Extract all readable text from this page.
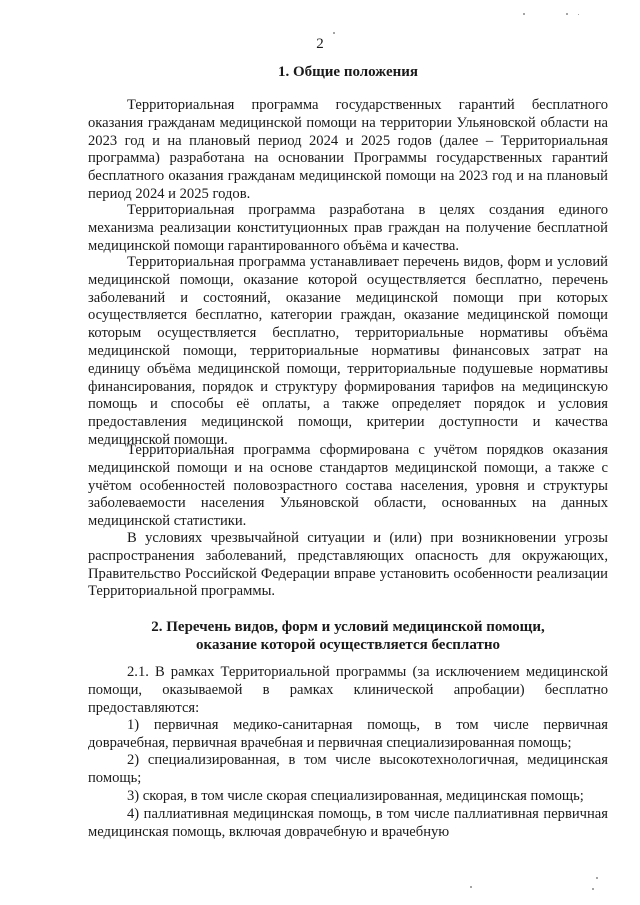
2
1. Общие положения

Территориальная программа государственных гарантий бесплатного оказания гражданам медицинской помощи на территории Ульяновской области на 2023 год и на плановый период 2024 и 2025 годов (далее – Территориальная программа) разработана на основании Программы государственных гарантий бесплатного оказания гражданам медицинской помощи на 2023 год и на плановый период 2024 и 2025 годов.

Территориальная программа разработана в целях создания единого механизма реализации конституционных прав граждан на получение бесплатной медицинской помощи гарантированного объёма и качества.

Территориальная программа устанавливает перечень видов, форм и условий медицинской помощи, оказание которой осуществляется бесплатно, перечень заболеваний и состояний, оказание медицинской помощи при которых осуществляется бесплатно, категории граждан, оказание медицинской помощи которым осуществляется бесплатно, территориальные нормативы объёма медицинской помощи, территориальные нормативы финансовых затрат на единицу объёма медицинской помощи, территориальные подушевые нормативы финансирования, порядок и структуру формирования тарифов на медицинскую помощь и способы её оплаты, а также определяет порядок и условия предоставления медицинской помощи, критерии доступности и качества медицинской помощи.

Территориальная программа сформирована с учётом порядков оказания медицинской помощи и на основе стандартов медицинской помощи, а также с учётом особенностей половозрастного состава населения, уровня и структуры заболеваемости населения Ульяновской области, основанных на данных медицинской статистики.

В условиях чрезвычайной ситуации и (или) при возникновении угрозы распространения заболеваний, представляющих опасность для окружающих, Правительство Российской Федерации вправе установить особенности реализации Территориальной программы.

2. Перечень видов, форм и условий медицинской помощи,
оказание которой осуществляется бесплатно

2.1. В рамках Территориальной программы (за исключением медицинской помощи, оказываемой в рамках клинической апробации) бесплатно предоставляются:

1) первичная медико-санитарная помощь, в том числе первичная доврачебная, первичная врачебная и первичная специализированная помощь;

2) специализированная, в том числе высокотехнологичная, медицинская помощь;

3) скорая, в том числе скорая специализированная, медицинская помощь;

4) паллиативная медицинская помощь, в том числе паллиативная первичная медицинская помощь, включая доврачебную и врачебную
